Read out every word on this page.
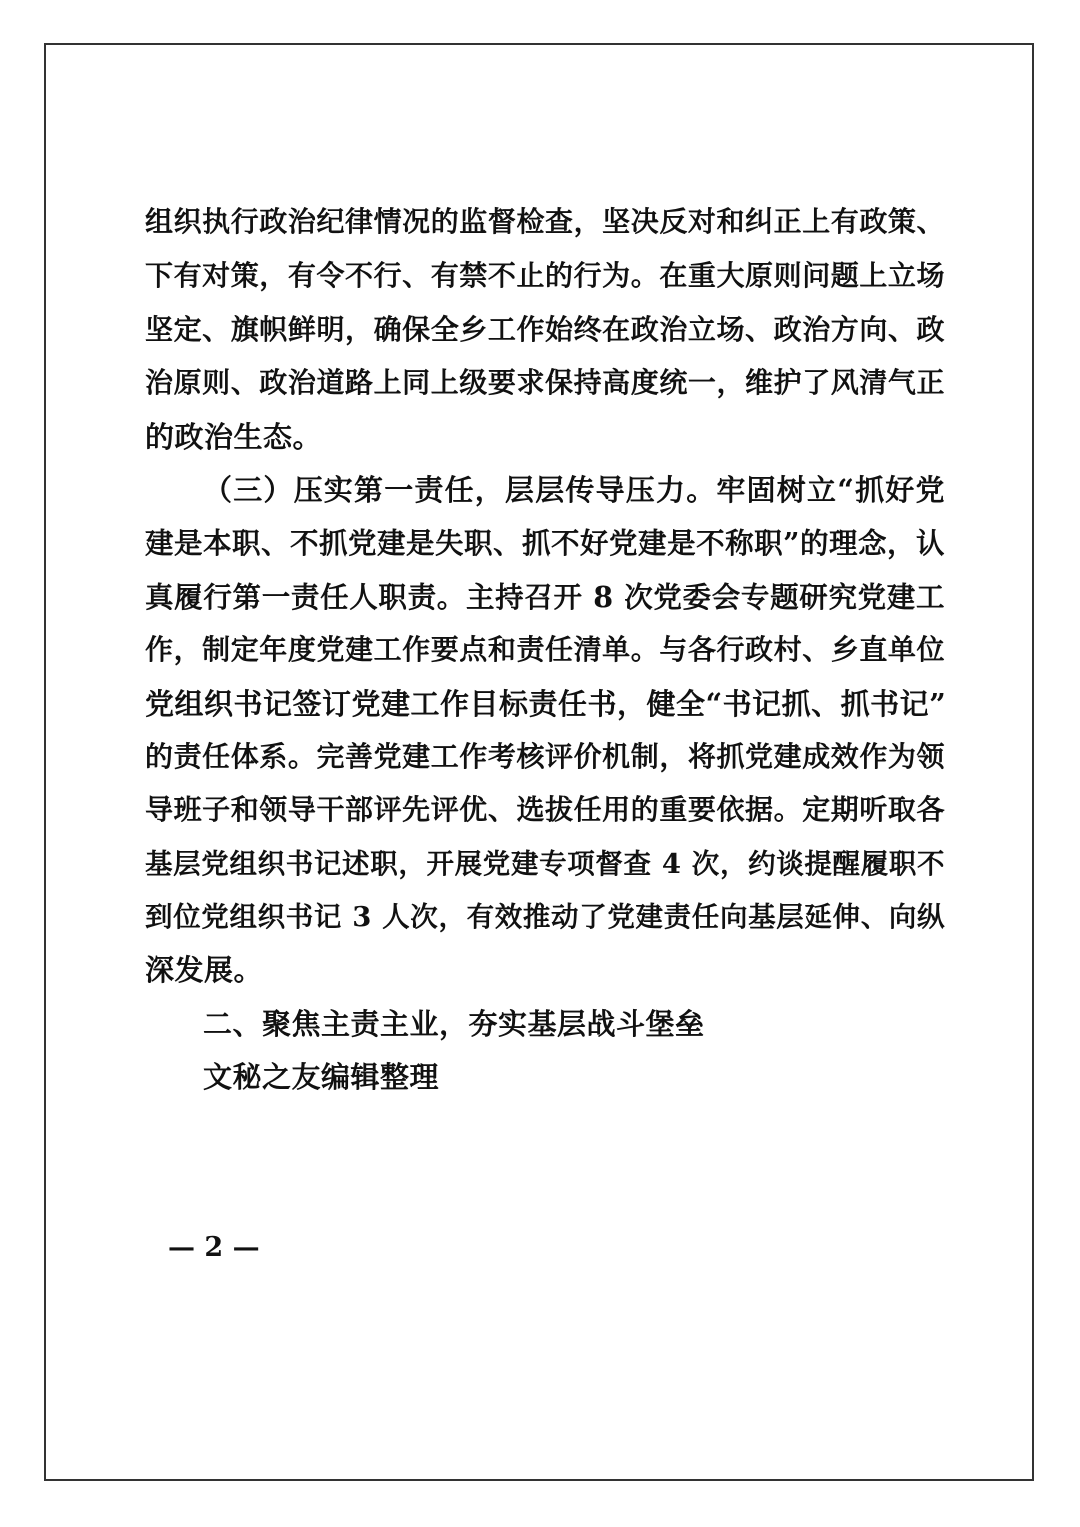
组织执行政治纪律情况的监督检查，坚决反对和纠正上有政策、
下有对策，有令不行、有禁不止的行为。在重大原则问题上立场
坚定、旗帜鲜明，确保全乡工作始终在政治立场、政治方向、政
治原则、政治道路上同上级要求保持高度统一，维护了风清气正
的政治生态。
（三）压实第一责任，层层传导压力。牢固树立“抓好党
建是本职、不抓党建是失职、抓不好党建是不称职”的理念，认
真履行第一责任人职责。主持召开 8 次党委会专题研究党建工
作，制定年度党建工作要点和责任清单。与各行政村、乡直单位
党组织书记签订党建工作目标责任书，健全“书记抓、抓书记”
的责任体系。完善党建工作考核评价机制，将抓党建成效作为领
导班子和领导干部评先评优、选拔任用的重要依据。定期听取各
基层党组织书记述职，开展党建专项督查 4 次，约谈提醒履职不
到位党组织书记 3 人次，有效推动了党建责任向基层延伸、向纵
深发展。
二、聚焦主责主业，夯实基层战斗堡垒
文秘之友编辑整理
— 2 —
